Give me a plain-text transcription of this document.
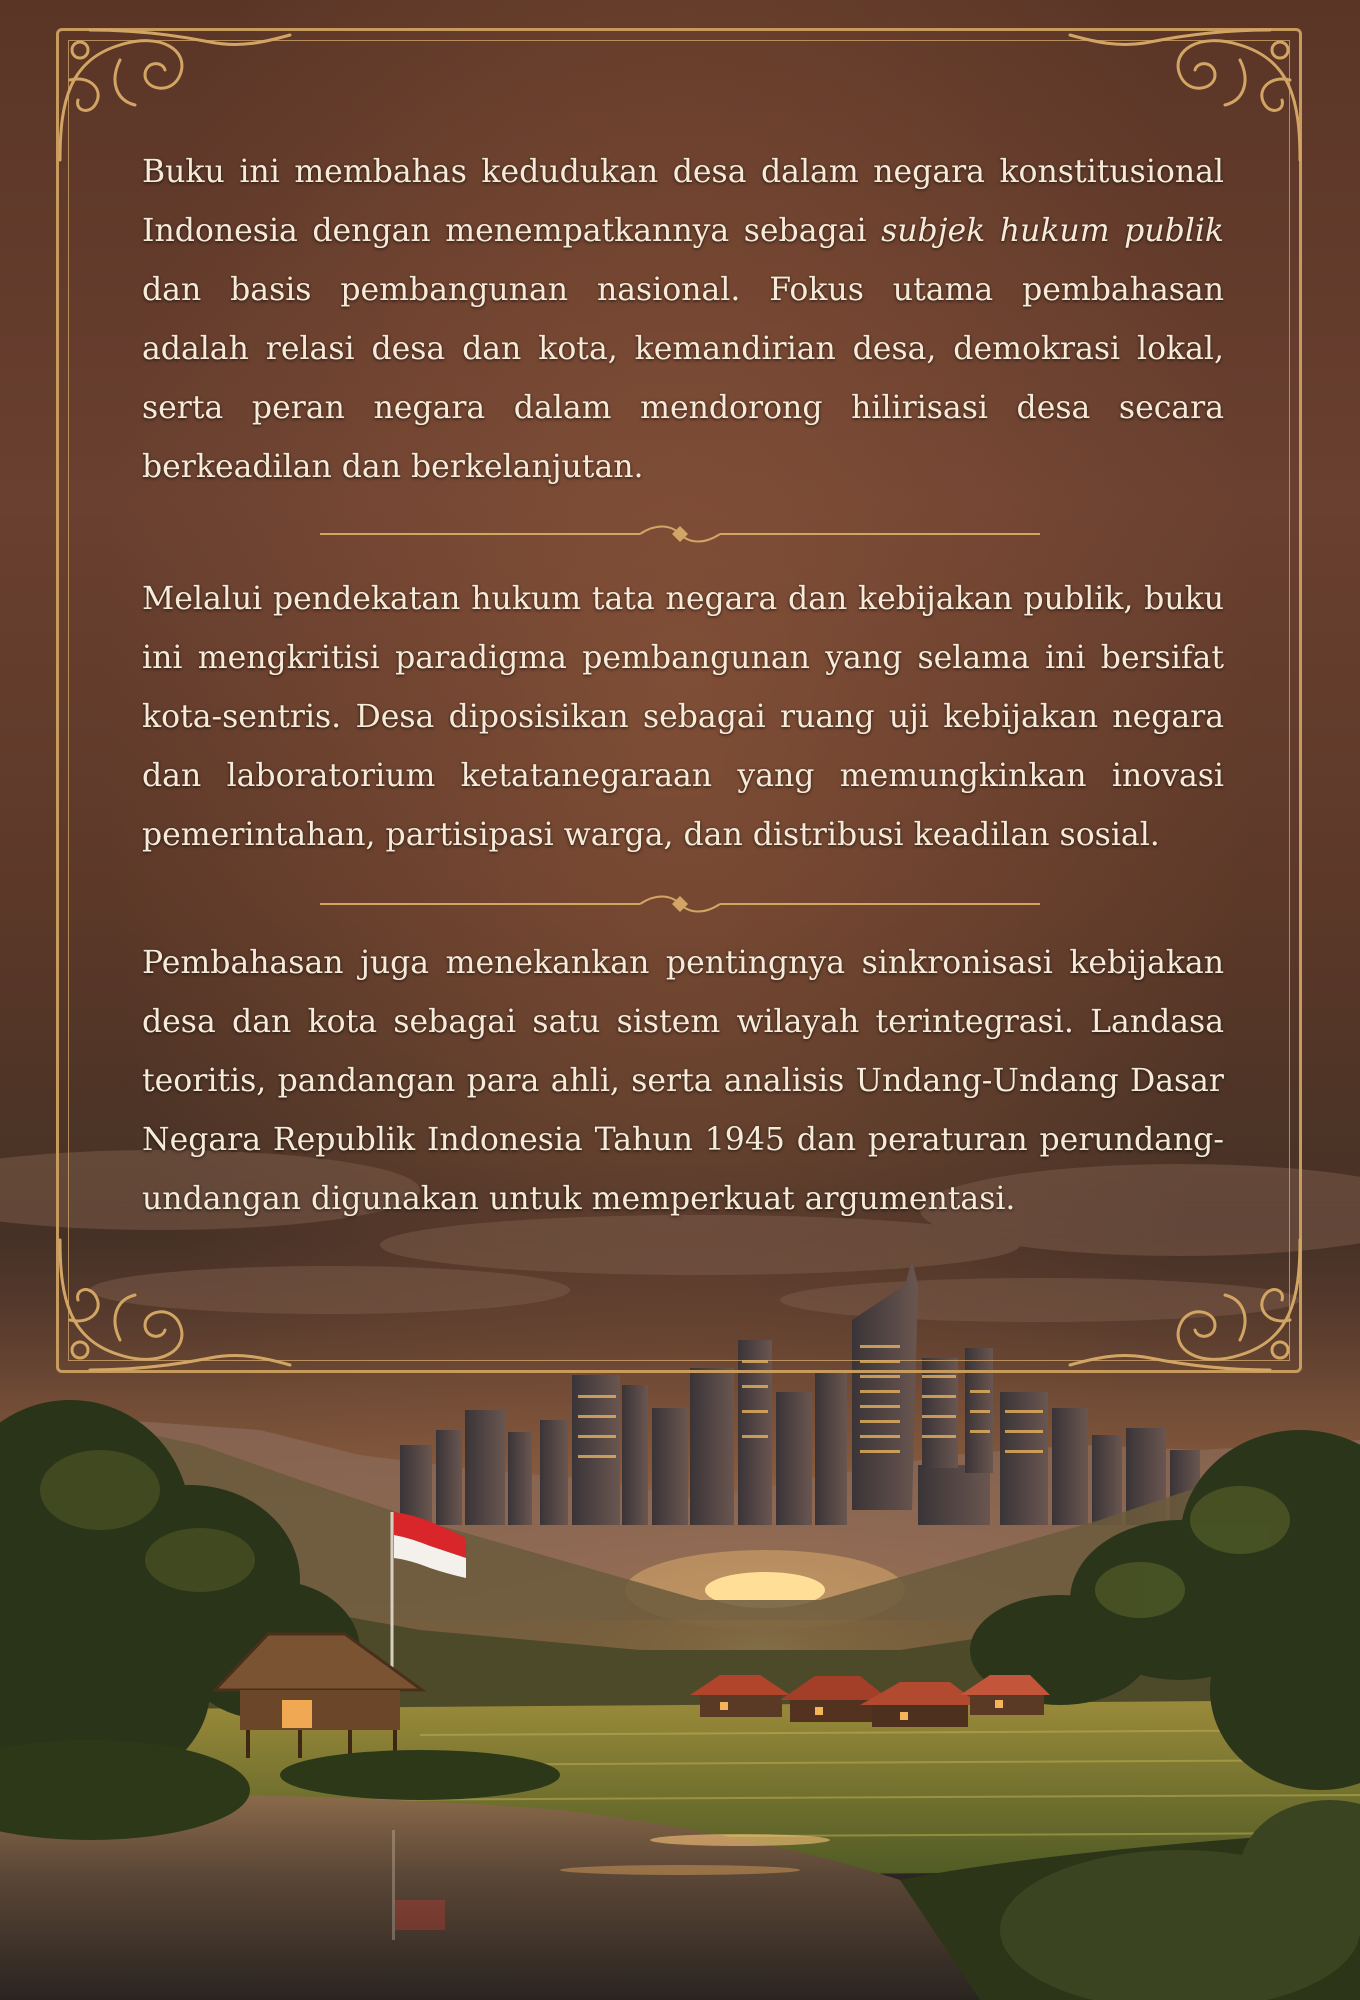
Buku ini membahas kedudukan desa dalam negara konstitusional Indonesia dengan menempatkannya sebagai subjek hukum publik dan basis pembangunan nasional. Fokus utama pembahasan adalah relasi desa dan kota, kemandirian desa, demokrasi lokal, serta peran negara dalam mendorong hilirisasi desa secara berkeadilan dan berkelanjutan.

Melalui pendekatan hukum tata negara dan kebijakan publik, buku ini mengkritisi paradigma pembangunan yang selama ini bersifat kota-sentris. Desa diposisikan sebagai ruang uji kebijakan negara dan laboratorium ketatanegaraan yang memungkinkan inovasi pemerintahan, partisipasi warga, dan distribusi keadilan sosial.

Pembahasan juga menekankan pentingnya sinkronisasi kebijakan desa dan kota sebagai satu sistem wilayah terintegrasi. Landasa teoritis, pandangan para ahli, serta analisis Undang-Undang Dasar Negara Republik Indonesia Tahun 1945 dan peraturan perundang-undangan digunakan untuk memperkuat argumentasi.
